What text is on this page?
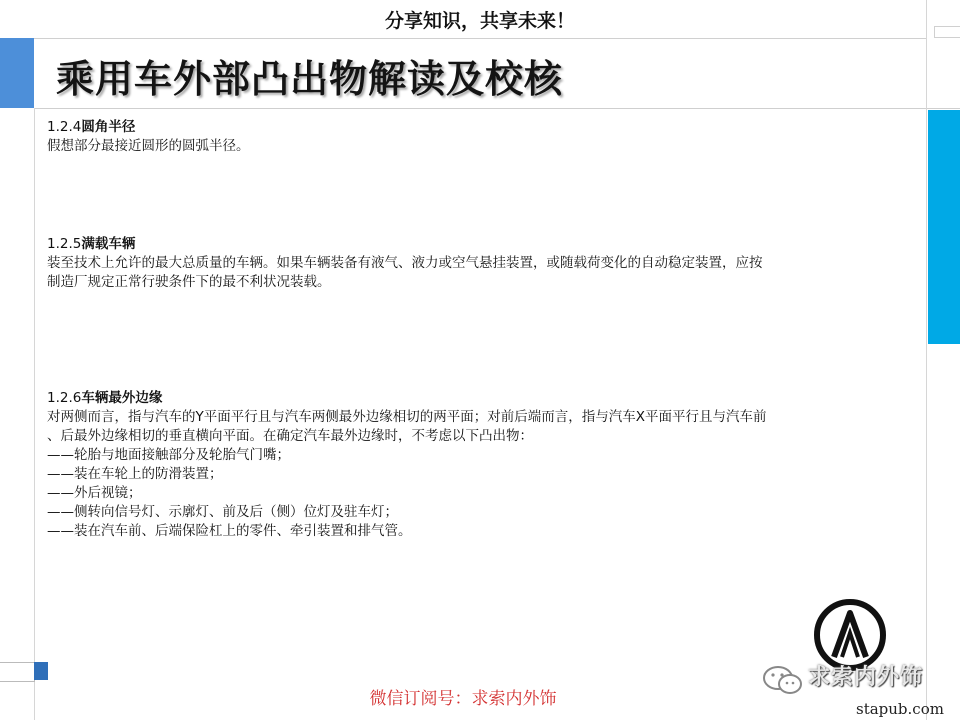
分享知识，共享未来！
乘用车外部凸出物解读及校核
1.2.4圆角半径

假想部分最接近圆形的圆弧半径。

1.2.5满载车辆

装至技术上允许的最大总质量的车辆。如果车辆装备有液气、液力或空气悬挂装置，或随载荷变化的自动稳定装置，应按

制造厂规定正常行驶条件下的最不利状况装载。

1.2.6车辆最外边缘

对两侧而言，指与汽车的Y平面平行且与汽车两侧最外边缘相切的两平面；对前后端而言，指与汽车X平面平行且与汽车前

、后最外边缘相切的垂直横向平面。在确定汽车最外边缘时，不考虑以下凸出物：

——轮胎与地面接触部分及轮胎气门嘴；

——装在车轮上的防滑装置；

——外后视镜；

——侧转向信号灯、示廓灯、前及后（侧）位灯及驻车灯；

——装在汽车前、后端保险杠上的零件、牵引装置和排气管。

求索内外饰
微信订阅号：求索内外饰	stapub.com
